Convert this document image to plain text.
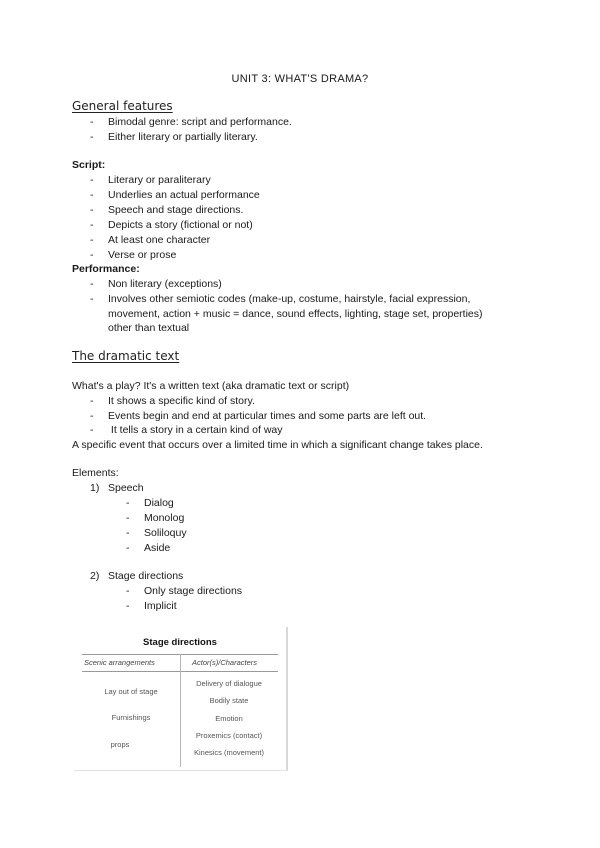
UNIT 3: WHAT'S DRAMA?
General features
- Bimodal genre: script and performance.
- Either literary or partially literary.
Script:
- Literary or paraliterary
- Underlies an actual performance
- Speech and stage directions.
- Depicts a story (fictional or not)
- At least one character
- Verse or prose
Performance:
- Non literary (exceptions)
- Involves other semiotic codes (make-up, costume, hairstyle, facial expression,
movement, action + music = dance, sound effects, lighting, stage set, properties)
other than textual
The dramatic text
What's a play? It's a written text (aka dramatic text or script)
- It shows a specific kind of story.
- Events begin and end at particular times and some parts are left out.
- It tells a story in a certain kind of way
A specific event that occurs over a limited time in which a significant change takes place.
Elements:
1) Speech
- Dialog
- Monolog
- Soliloquy
- Aside
2) Stage directions
- Only stage directions
- Implicit
Stage directions
Scenic arrangements	Actor(s)/Characters
Lay out of stage
Furnishings
props
Delivery of dialogue
Bodily state
Emotion
Proxemics (contact)
Kinesics (movement)
